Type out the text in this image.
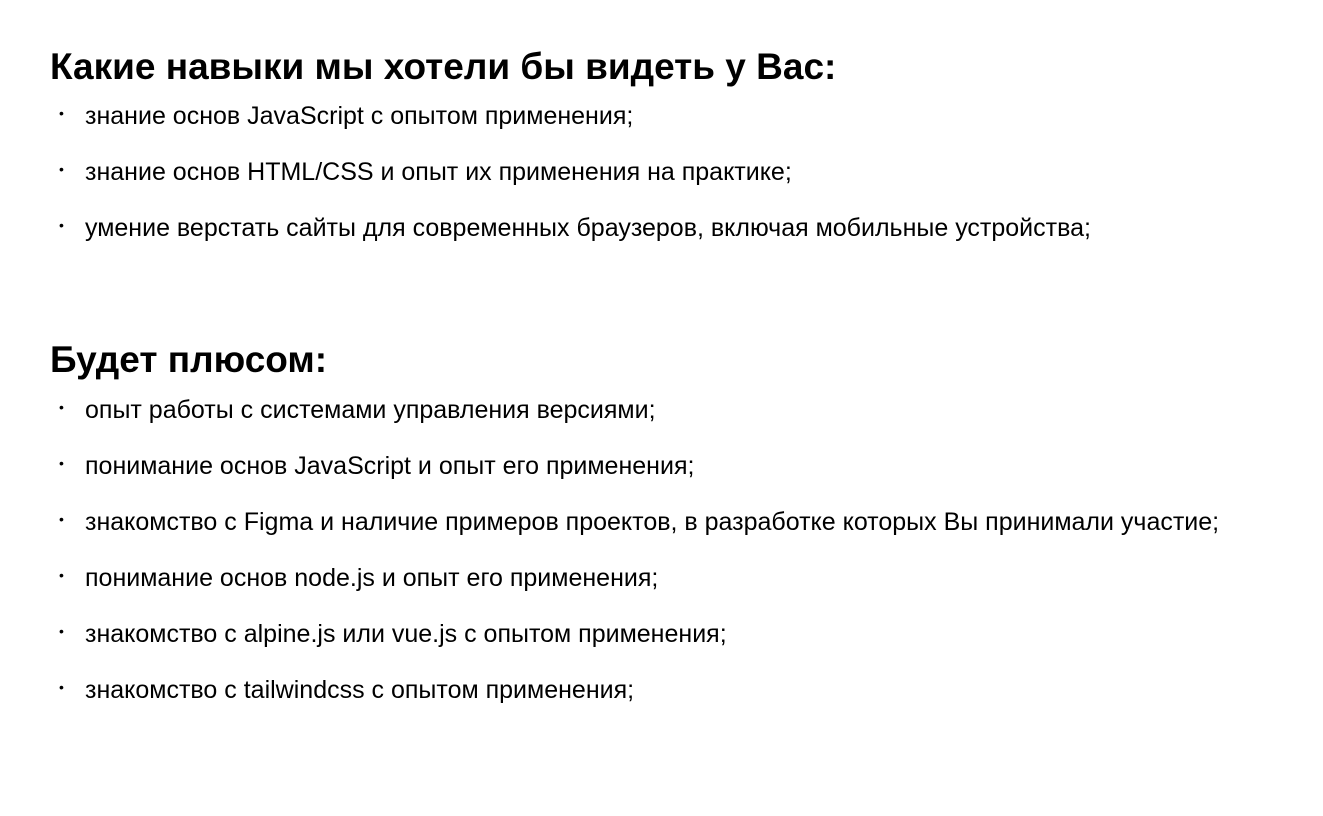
Какие навыки мы хотели бы видеть у Вас:
• знание основ JavaScript с опытом применения;
• знание основ HTML/CSS и опыт их применения на практике;
• умение верстать сайты для современных браузеров, включая мобильные устройства;
Будет плюсом:
• опыт работы с системами управления версиями;
• понимание основ JavaScript и опыт его применения;
• знакомство с Figma и наличие примеров проектов, в разработке которых Вы принимали участие;
• понимание основ node.js и опыт его применения;
• знакомство с alpine.js или vue.js с опытом применения;
• знакомство с tailwindcss с опытом применения;
